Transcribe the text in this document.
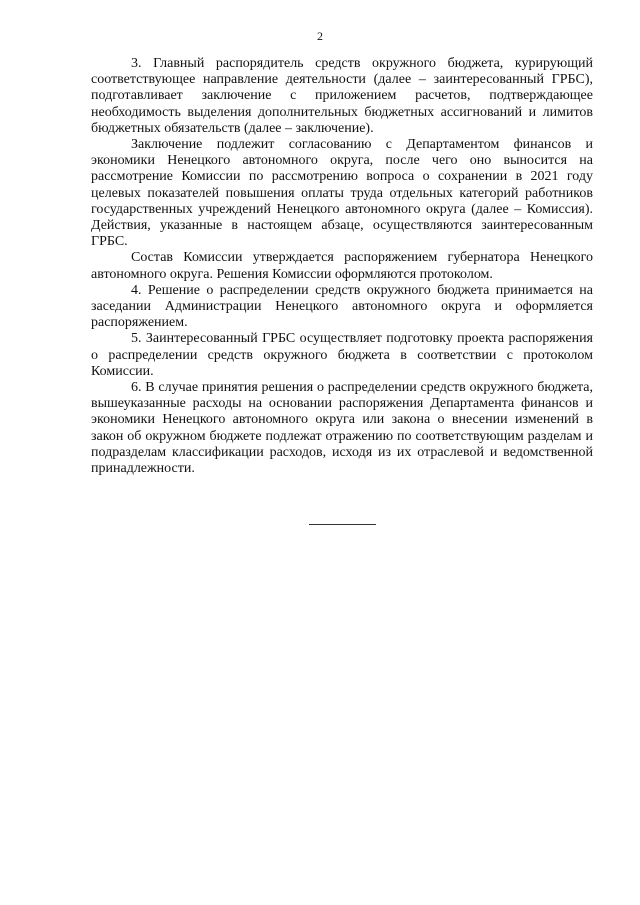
2

3. Главный распорядитель средств окружного бюджета, курирующий соответствующее направление деятельности (далее – заинтересованный ГРБС), подготавливает заключение с приложением расчетов, подтверждающее необходимость выделения дополнительных бюджетных ассигнований и лимитов бюджетных обязательств (далее – заключение).

Заключение подлежит согласованию с Департаментом финансов и экономики Ненецкого автономного округа, после чего оно выносится на рассмотрение Комиссии по рассмотрению вопроса о сохранении в 2021 году целевых показателей повышения оплаты труда отдельных категорий работников государственных учреждений Ненецкого автономного округа (далее – Комиссия). Действия, указанные в настоящем абзаце, осуществляются заинтересованным ГРБС.

Состав Комиссии утверждается распоряжением губернатора Ненецкого автономного округа. Решения Комиссии оформляются протоколом.

4. Решение о распределении средств окружного бюджета принимается на заседании Администрации Ненецкого автономного округа и оформляется распоряжением.

5. Заинтересованный ГРБС осуществляет подготовку проекта распоряжения о распределении средств окружного бюджета в соответствии с протоколом Комиссии.

6. В случае принятия решения о распределении средств окружного бюджета, вышеуказанные расходы на основании распоряжения Департамента финансов и экономики Ненецкого автономного округа или закона о внесении изменений в закон об окружном бюджете подлежат отражению по соответствующим разделам и подразделам классификации расходов, исходя из их отраслевой и ведомственной принадлежности.
